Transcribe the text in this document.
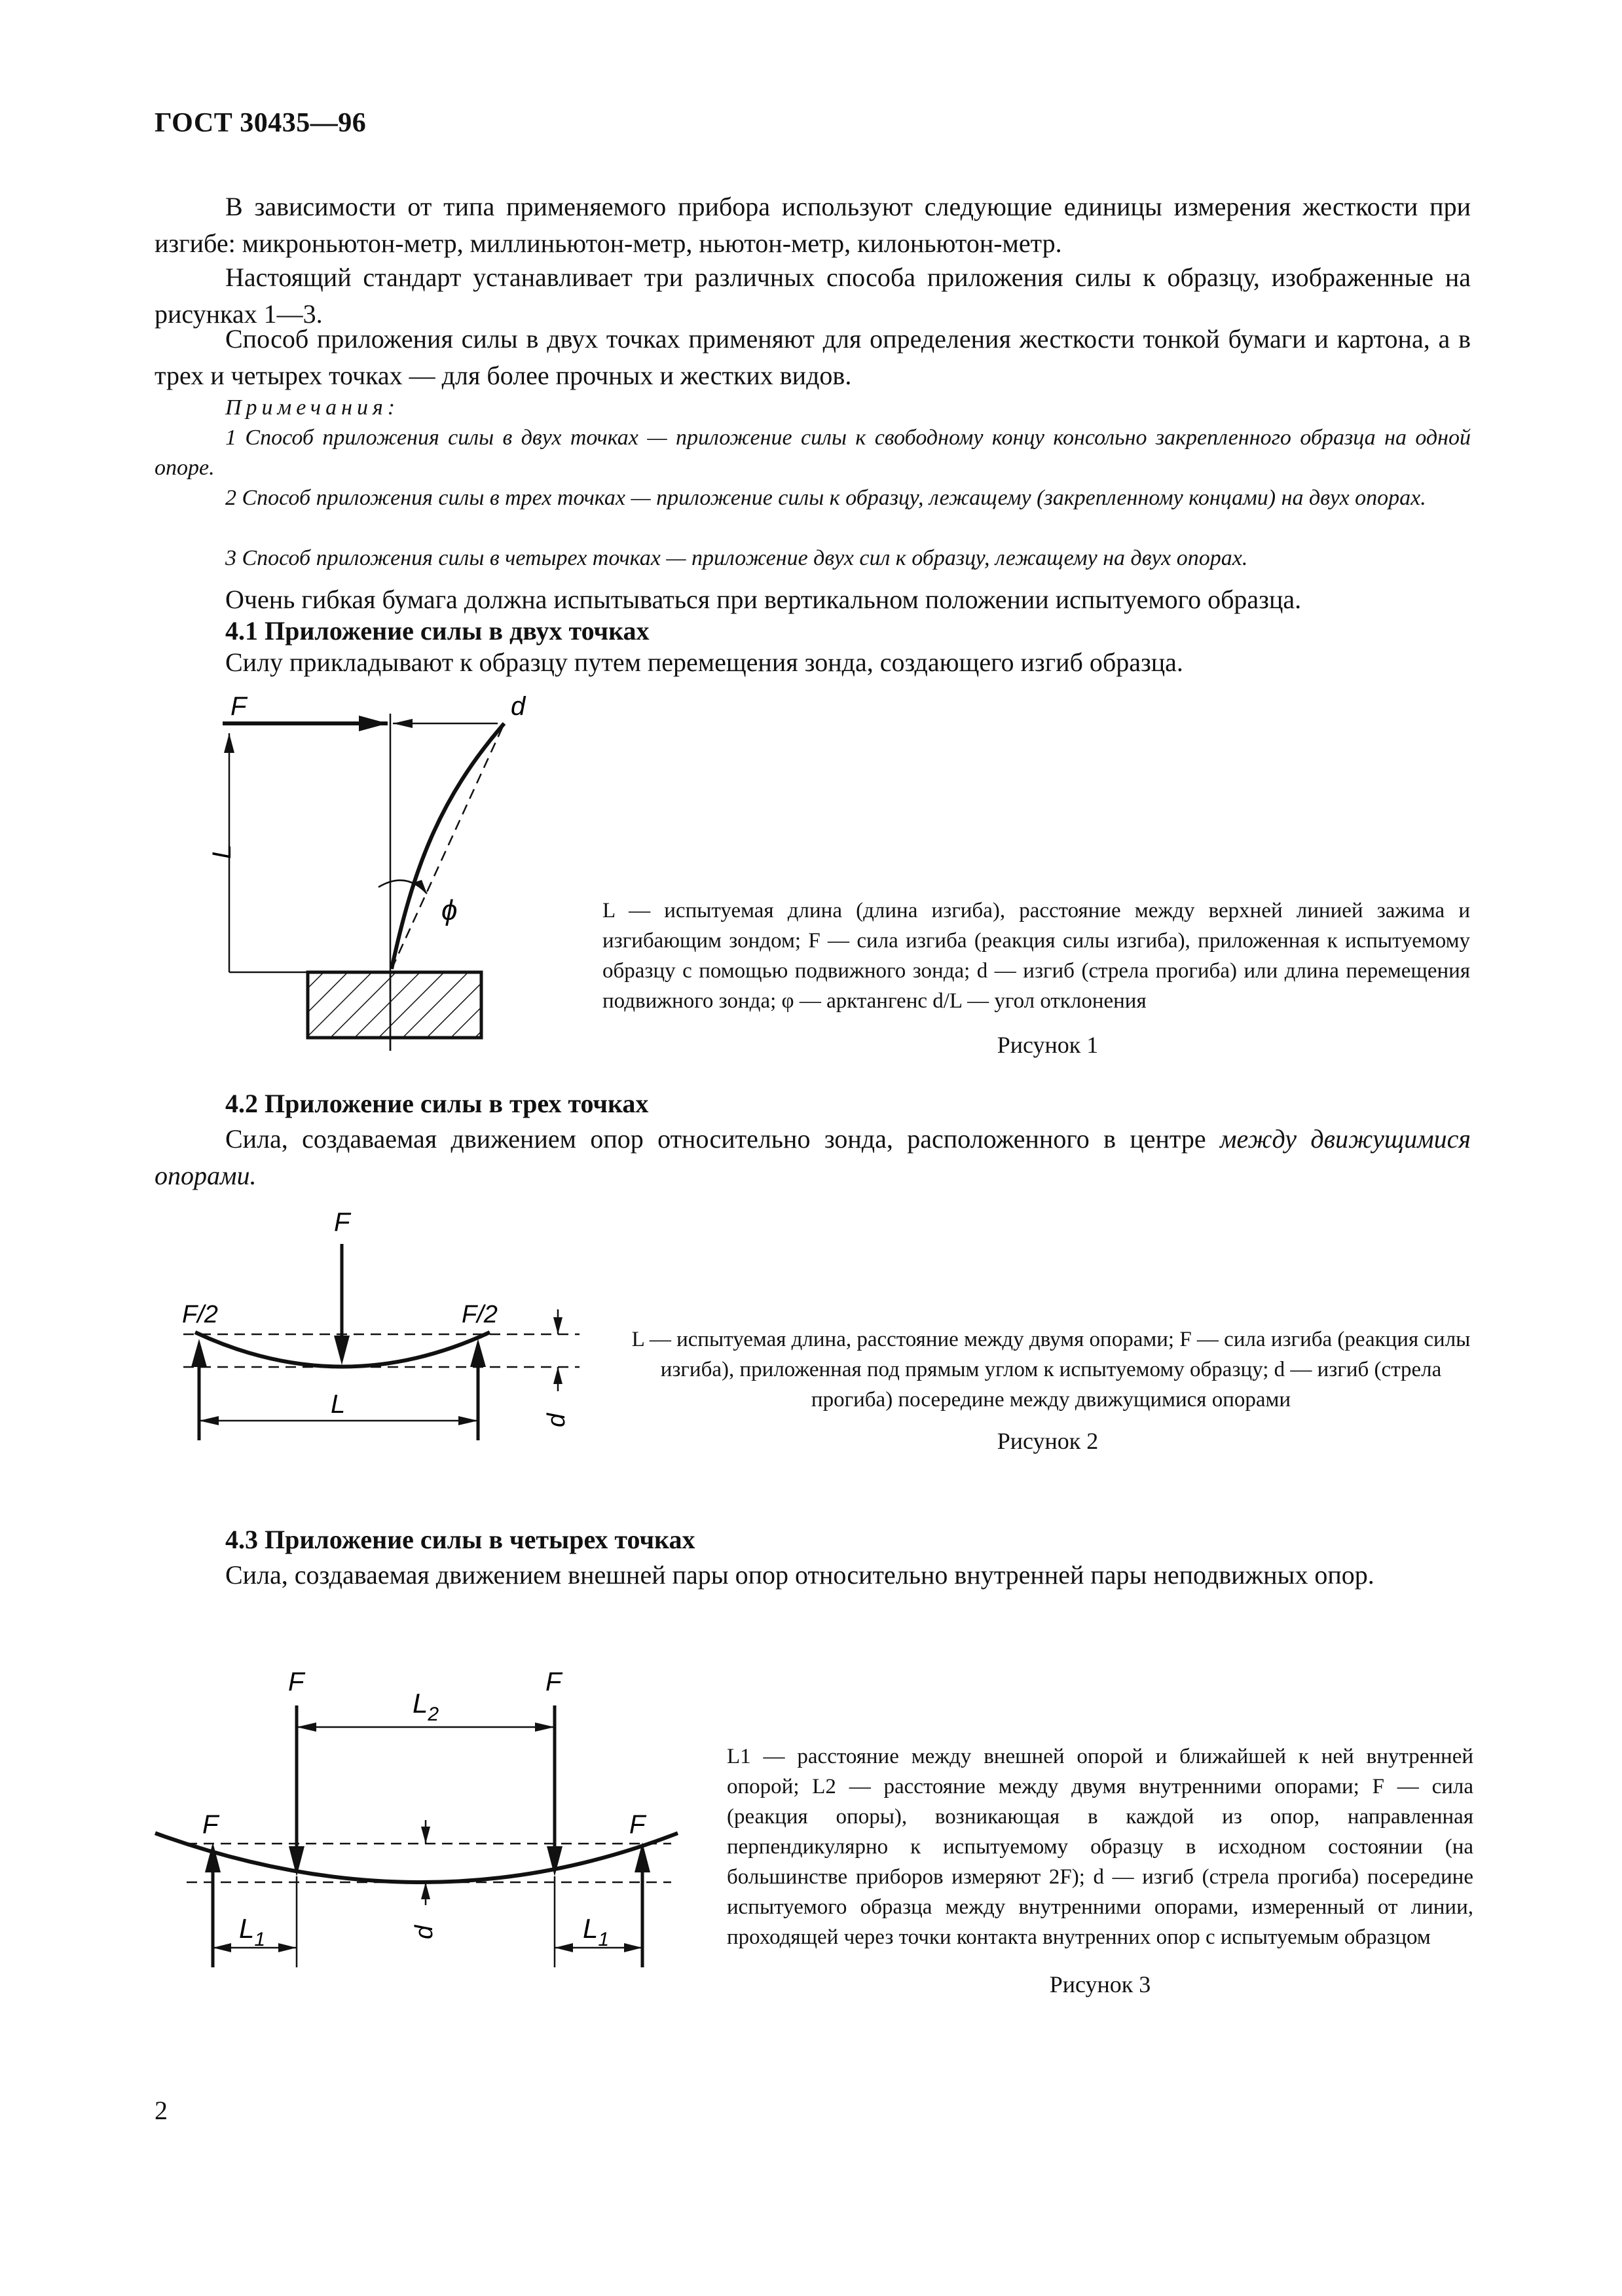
ГОСТ 30435—96
В зависимости от типа применяемого прибора используют следующие единицы измерения жесткости при изгибе: микроньютон-метр, миллиньютон-метр, ньютон-метр, килоньютон-метр.
Настоящий стандарт устанавливает три различных способа приложения силы к образцу, изображенные на рисунках 1—3.
Способ приложения силы в двух точках применяют для определения жесткости тонкой бумаги и картона, а в трех и четырех точках — для более прочных и жестких видов.
Примечания:
1 Способ приложения силы в двух точках — приложение силы к свободному концу консольно закрепленного образца на одной опоре.
2 Способ приложения силы в трех точках — приложение силы к образцу, лежащему (закрепленному концами) на двух опорах.
3 Способ приложения силы в четырех точках — приложение двух сил к образцу, лежащему на двух опорах.
Очень гибкая бумага должна испытываться при вертикальном положении испытуемого образца.
4.1 Приложение силы в двух точках
Силу прикладывают к образцу путем перемещения зонда, создающего изгиб образца.
F	d
L
ϕ	L — испытуемая длина (длина изгиба), расстояние между верхней линией зажима и изгибающим зондом; F — сила изгиба (реакция силы изгиба), приложенная к испытуемому образцу с помощью подвижного зонда; d — изгиб (стрела прогиба) или длина перемещения подвижного зонда; φ — арктангенс d/L — угол отклонения
Рисунок 1
4.2 Приложение силы в трех точках
Сила, создаваемая движением опор относительно зонда, расположенного в центре между движущимися опорами.
F
F/2	F/2
L
d
L — испытуемая длина, расстояние между двумя опорами; F — сила изгиба (реакция силы изгиба), приложенная под прямым углом к испытуемому образцу; d — изгиб (стрела прогиба) посередине между движущимися опорами
Рисунок 2
4.3 Приложение силы в четырех точках
Сила, создаваемая движением внешней пары опор относительно внутренней пары неподвижных опор.
F	F
$L_2$
F	F
d
$L_1$	$L_1$
L1 — расстояние между внешней опорой и ближайшей к ней внутренней опорой; L2 — расстояние между двумя внутренними опорами; F — сила (реакция опоры), возникающая в каждой из опор, направленная перпендикулярно к испытуемому образцу в исходном состоянии (на большинстве приборов измеряют 2F); d — изгиб (стрела прогиба) посередине испытуемого образца между внутренними опорами, измеренный от линии, проходящей через точки контакта внутренних опор с испытуемым образцом
Рисунок 3
2
